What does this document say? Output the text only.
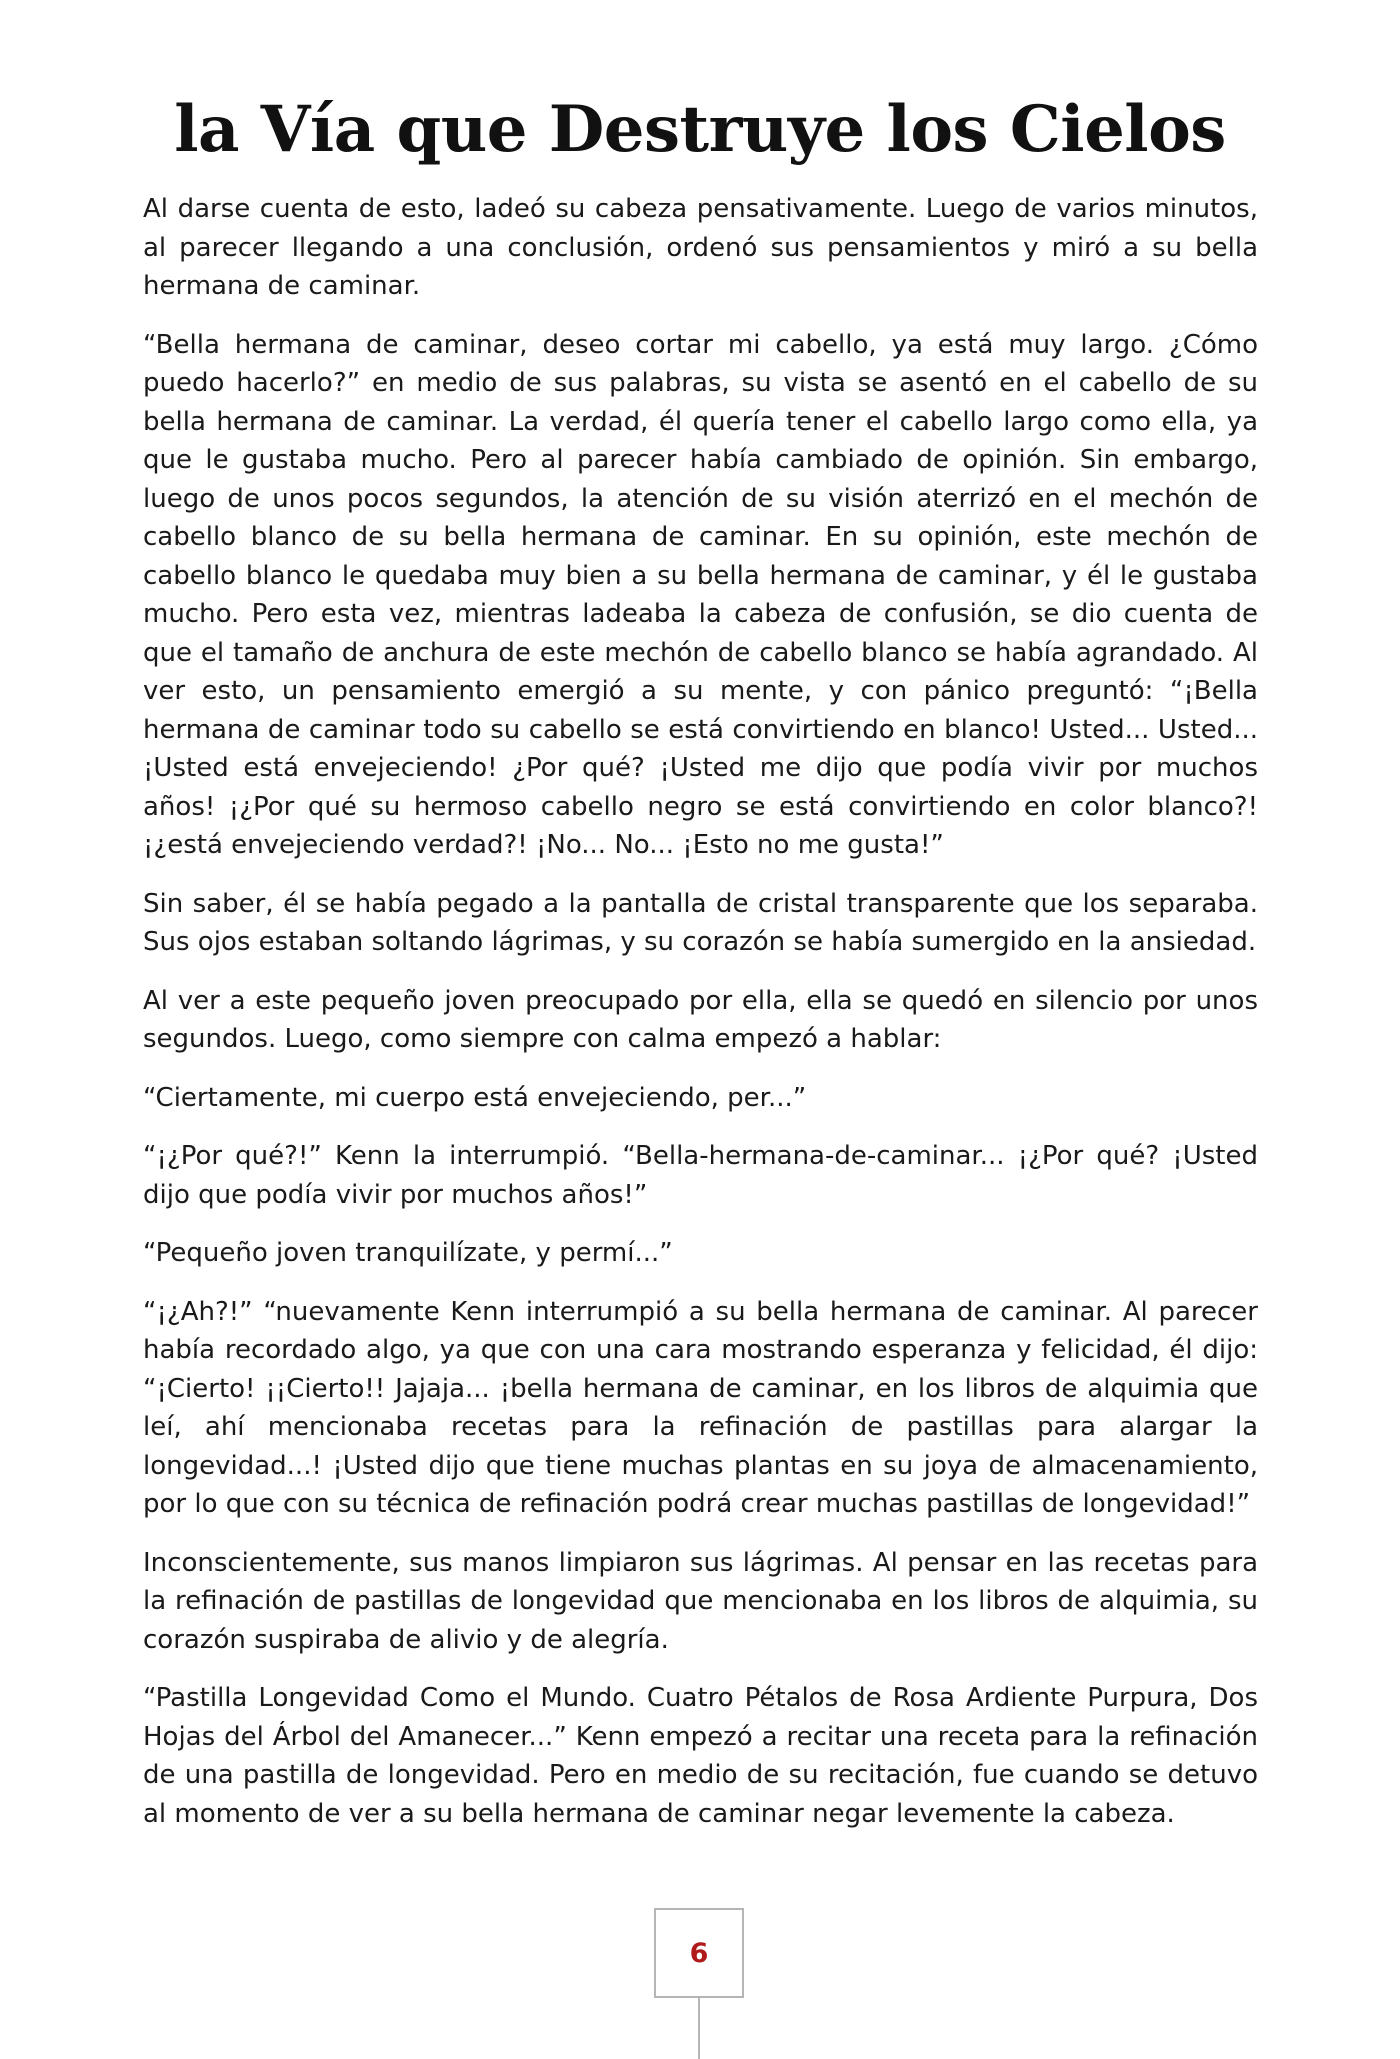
la Vía que Destruye los Cielos

Al darse cuenta de esto, ladeó su cabeza pensativamente. Luego de varios minutos, al parecer llegando a una conclusión, ordenó sus pensamientos y miró a su bella hermana de caminar.

“Bella hermana de caminar, deseo cortar mi cabello, ya está muy largo. ¿Cómo puedo hacerlo?” en medio de sus palabras, su vista se asentó en el cabello de su bella hermana de caminar. La verdad, él quería tener el cabello largo como ella, ya que le gustaba mucho. Pero al parecer había cambiado de opinión. Sin embargo, luego de unos pocos segundos, la atención de su visión aterrizó en el mechón de cabello blanco de su bella hermana de caminar. En su opinión, este mechón de cabello blanco le quedaba muy bien a su bella hermana de caminar, y él le gustaba mucho. Pero esta vez, mientras ladeaba la cabeza de confusión, se dio cuenta de que el tamaño de anchura de este mechón de cabello blanco se había agrandado. Al ver esto, un pensamiento emergió a su mente, y con pánico preguntó: “¡Bella hermana de caminar todo su cabello se está convirtiendo en blanco! Usted... Usted... ¡Usted está envejeciendo! ¿Por qué? ¡Usted me dijo que podía vivir por muchos años! ¡¿Por qué su hermoso cabello negro se está convirtiendo en color blanco?! ¡¿está envejeciendo verdad?! ¡No... No... ¡Esto no me gusta!”

Sin saber, él se había pegado a la pantalla de cristal transparente que los separaba. Sus ojos estaban soltando lágrimas, y su corazón se había sumergido en la ansiedad.

Al ver a este pequeño joven preocupado por ella, ella se quedó en silencio por unos segundos. Luego, como siempre con calma empezó a hablar:

“Ciertamente, mi cuerpo está envejeciendo, per...”

“¡¿Por qué?!” Kenn la interrumpió. “Bella-hermana-de-caminar... ¡¿Por qué? ¡Usted dijo que podía vivir por muchos años!”

“Pequeño joven tranquilízate, y permí...”

“¡¿Ah?!” “nuevamente Kenn interrumpió a su bella hermana de caminar. Al parecer había recordado algo, ya que con una cara mostrando esperanza y felicidad, él dijo: “¡Cierto! ¡¡Cierto!! Jajaja... ¡bella hermana de caminar, en los libros de alquimia que leí, ahí mencionaba recetas para la refinación de pastillas para alargar la longevidad...! ¡Usted dijo que tiene muchas plantas en su joya de almacenamiento, por lo que con su técnica de refinación podrá crear muchas pastillas de longevidad!”

Inconscientemente, sus manos limpiaron sus lágrimas. Al pensar en las recetas para la refinación de pastillas de longevidad que mencionaba en los libros de alquimia, su corazón suspiraba de alivio y de alegría.

“Pastilla Longevidad Como el Mundo. Cuatro Pétalos de Rosa Ardiente Purpura, Dos Hojas del Árbol del Amanecer...” Kenn empezó a recitar una receta para la refinación de una pastilla de longevidad. Pero en medio de su recitación, fue cuando se detuvo al momento de ver a su bella hermana de caminar negar levemente la cabeza.

6
